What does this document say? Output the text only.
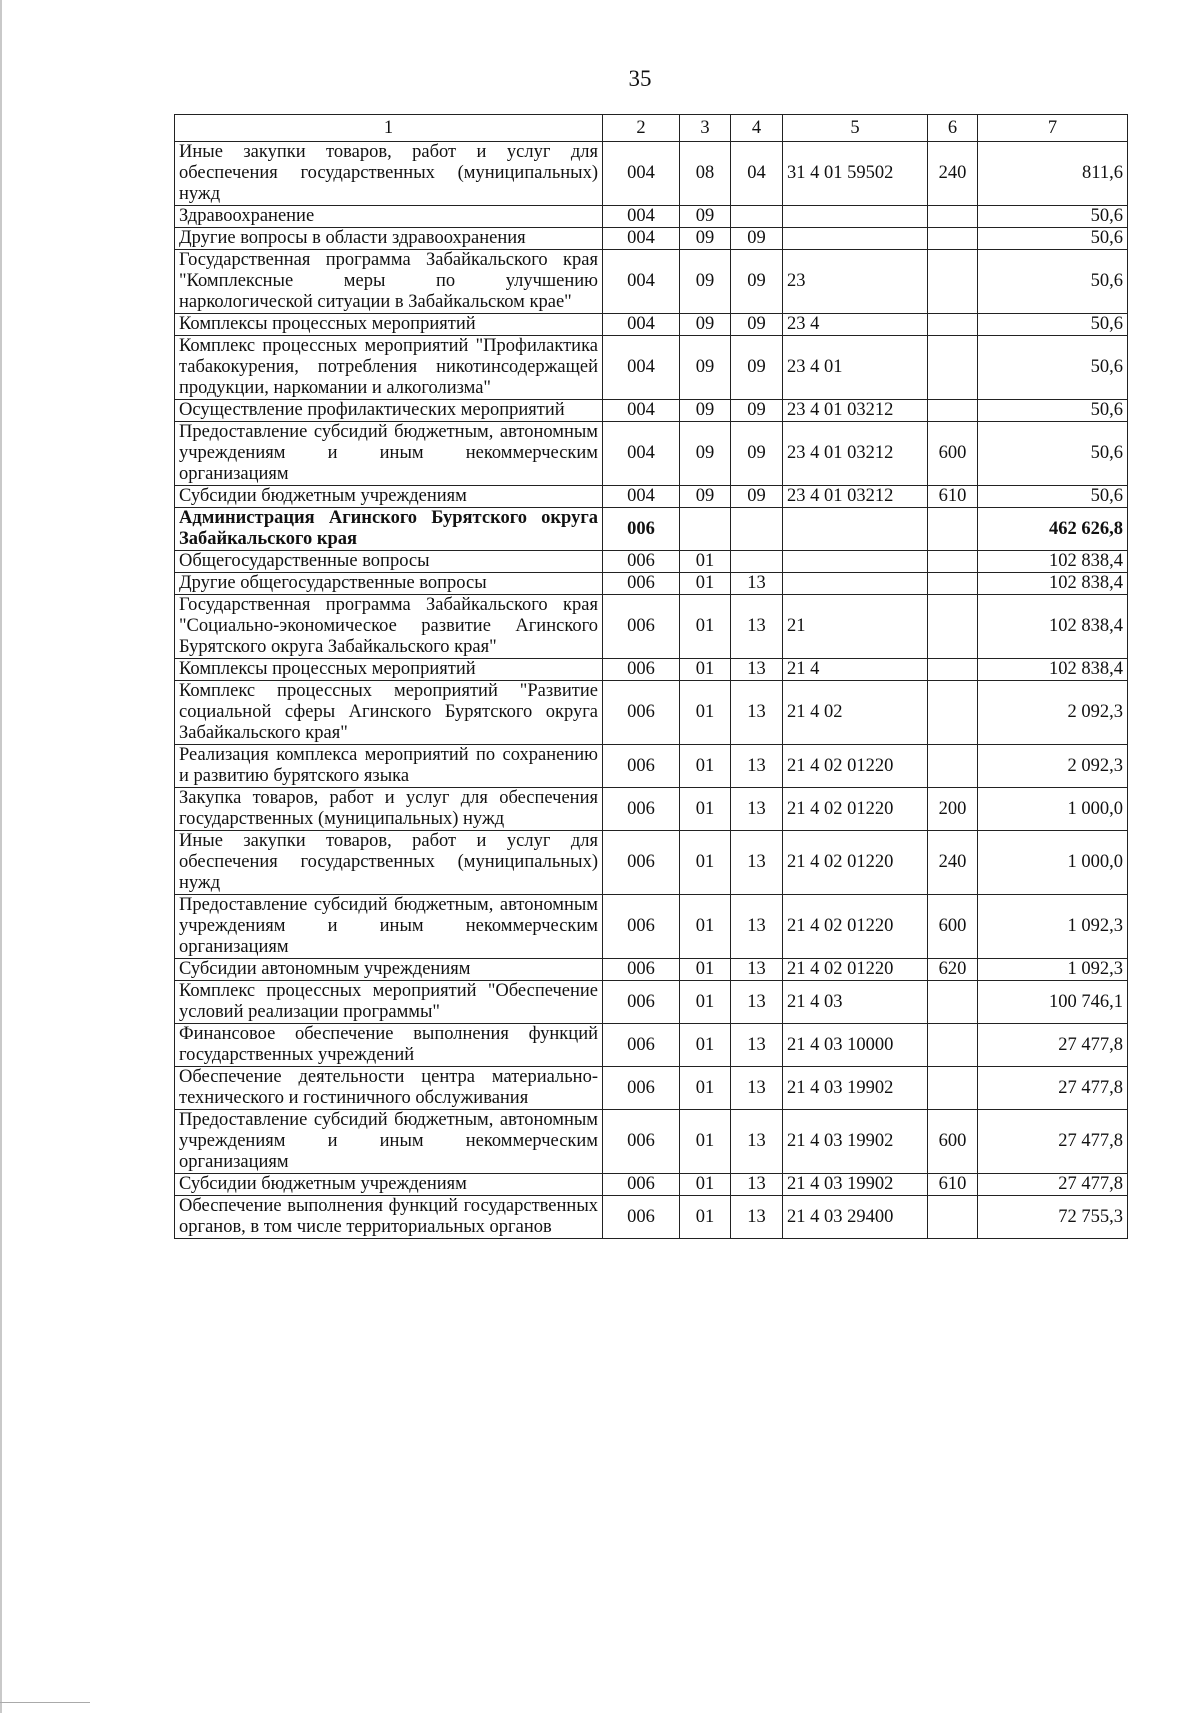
35
1	2	3	4	5	6	7
Иные закупки товаров, работ и услуг для обеспечения государственных (муниципальных) нужд	004	08	04	31 4 01 59502	240	811,6
Здравоохранение	004	09				50,6
Другие вопросы в области здравоохранения	004	09	09			50,6
Государственная программа Забайкальского края "Комплексные меры по улучшению наркологической ситуации в Забайкальском крае"	004	09	09	23		50,6
Комплексы процессных мероприятий	004	09	09	23 4		50,6
Комплекс процессных мероприятий "Профилактика табакокурения, потребления никотинсодержащей продукции, наркомании и алкоголизма"	004	09	09	23 4 01		50,6
Осуществление профилактических мероприятий	004	09	09	23 4 01 03212		50,6
Предоставление субсидий бюджетным, автономным учреждениям и иным некоммерческим организациям	004	09	09	23 4 01 03212	600	50,6
Субсидии бюджетным учреждениям	004	09	09	23 4 01 03212	610	50,6
Администрация Агинского Бурятского округа Забайкальского края	006					462 626,8
Общегосударственные вопросы	006	01				102 838,4
Другие общегосударственные вопросы	006	01	13			102 838,4
Государственная программа Забайкальского края "Социально-экономическое развитие Агинского Бурятского округа Забайкальского края"	006	01	13	21		102 838,4
Комплексы процессных мероприятий	006	01	13	21 4		102 838,4
Комплекс процессных мероприятий "Развитие социальной сферы Агинского Бурятского округа Забайкальского края"	006	01	13	21 4 02		2 092,3
Реализация комплекса мероприятий по сохранению и развитию бурятского языка	006	01	13	21 4 02 01220		2 092,3
Закупка товаров, работ и услуг для обеспечения государственных (муниципальных) нужд	006	01	13	21 4 02 01220	200	1 000,0
Иные закупки товаров, работ и услуг для обеспечения государственных (муниципальных) нужд	006	01	13	21 4 02 01220	240	1 000,0
Предоставление субсидий бюджетным, автономным учреждениям и иным некоммерческим организациям	006	01	13	21 4 02 01220	600	1 092,3
Субсидии автономным учреждениям	006	01	13	21 4 02 01220	620	1 092,3
Комплекс процессных мероприятий "Обеспечение условий реализации программы"	006	01	13	21 4 03		100 746,1
Финансовое обеспечение выполнения функций государственных учреждений	006	01	13	21 4 03 10000		27 477,8
Обеспечение деятельности центра материально-технического и гостиничного обслуживания	006	01	13	21 4 03 19902		27 477,8
Предоставление субсидий бюджетным, автономным учреждениям и иным некоммерческим организациям	006	01	13	21 4 03 19902	600	27 477,8
Субсидии бюджетным учреждениям	006	01	13	21 4 03 19902	610	27 477,8
Обеспечение выполнения функций государственных органов, в том числе территориальных органов	006	01	13	21 4 03 29400		72 755,3
